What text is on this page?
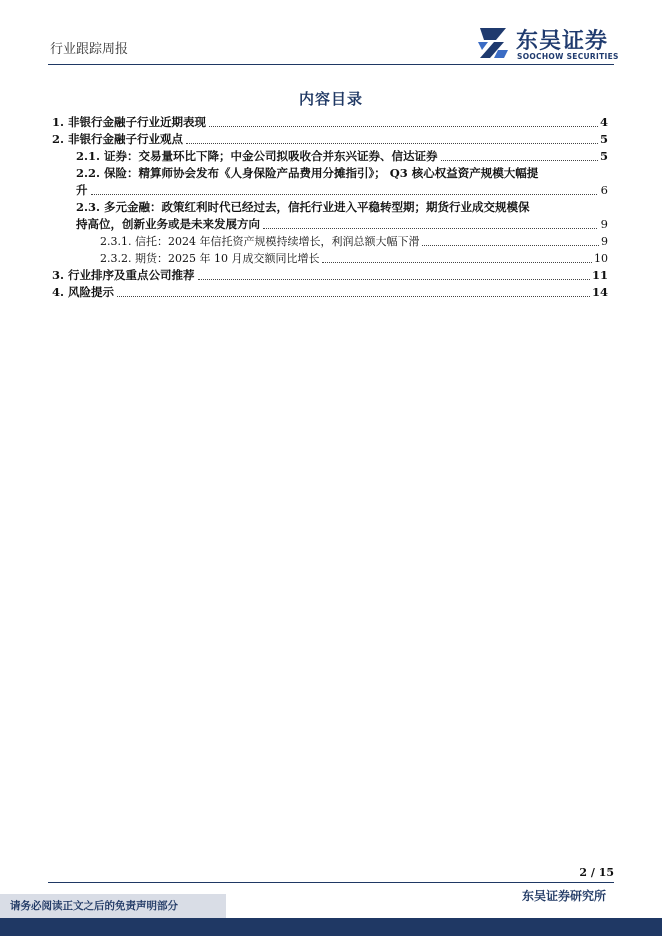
行业跟踪周报	东吴证券
SOOCHOW SECURITIES
内容目录
1. 非银行金融子行业近期表现	4
2. 非银行金融子行业观点	5
2.1. 证券：交易量环比下降；中金公司拟吸收合并东兴证券、信达证券	5
2.2. 保险：精算师协会发布《人身保险产品费用分摊指引》； Q3 核心权益资产规模大幅提
升	6
2.3. 多元金融：政策红利时代已经过去，信托行业进入平稳转型期；期货行业成交规模保
持高位，创新业务或是未来发展方向	9
2.3.1. 信托：2024 年信托资产规模持续增长，利润总额大幅下滑	9
2.3.2. 期货：2025 年 10 月成交额同比增长	10
3. 行业排序及重点公司推荐	11
4. 风险提示	14
2 / 15
东吴证券研究所
请务必阅读正文之后的免责声明部分
